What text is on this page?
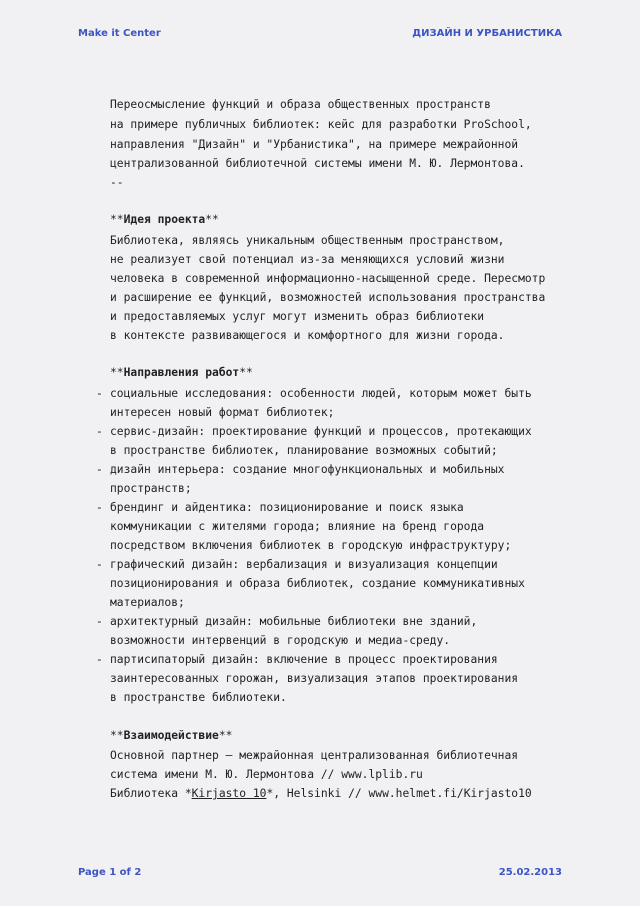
Make it Center	ДИЗАЙН И УРБАНИСТИКА

Переосмысление функций и образа общественных пространств

на примере публичных библиотек: кейс для разработки ProSchool,

направления "Дизайн" и "Урбанистика", на примере межрайонной

централизованной библиотечной системы имени М. Ю. Лермонтова.

--

**Идея проекта**

Библиотека, являясь уникальным общественным пространством,

не реализует свой потенциал из-за меняющихся условий жизни

человека в современной информационно-насыщенной среде. Пересмотр

и расширение ее функций, возможностей использования пространства

и предоставляемых услуг могут изменить образ библиотеки

в контексте развивающегося и комфортного для жизни города.

**Направления работ**

-

социальные исследования: особенности людей, которым может быть

интересен новый формат библиотек;

-

сервис-дизайн: проектирование функций и процессов, протекающих

в пространстве библиотек, планирование возможных событий;

-

дизайн интерьера: создание многофункциональных и мобильных

пространств;

-

брендинг и айдентика: позиционирование и поиск языка

коммуникации с жителями города; влияние на бренд города

посредством включения библиотек в городскую инфраструктуру;

-

графический дизайн: вербализация и визуализация концепции

позиционирования и образа библиотек, создание коммуникативных

материалов;

-

архитектурный дизайн: мобильные библиотеки вне зданий,

возможности интервенций в городскую и медиа-среду.

-

партисипаторый дизайн: включение в процесс проектирования

заинтересованных горожан, визуализация этапов проектирования

в пространстве библиотеки.

**Взаимодействие**

Основной партнер — межрайонная централизованная библиотечная

системa имени М. Ю. Лермонтова // www.lplib.ru

Библиотека *Kirjasto 10*, Helsinki // www.helmet.fi/Kirjasto10

Page 1 of 2	25.02.2013
